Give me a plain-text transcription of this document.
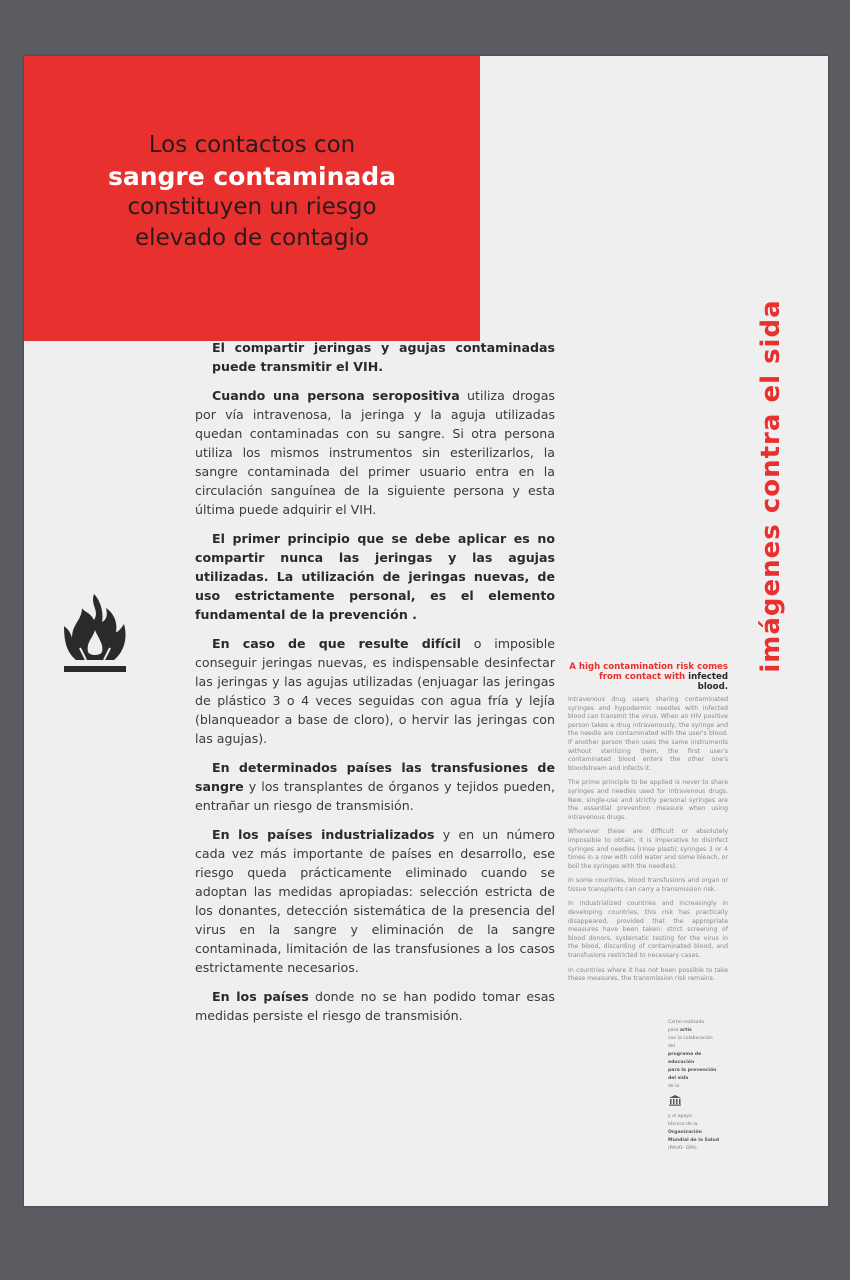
Los contactos con
sangre contaminada
constituyen un riesgo
elevado de contagio

El compartir jeringas y agujas contaminadas puede transmitir el VIH.

Cuando una persona seropositiva utiliza drogas por vía intravenosa, la jeringa y la aguja utilizadas quedan contaminadas con su sangre. Si otra persona utiliza los mismos instrumentos sin esterilizarlos, la sangre contaminada del primer usuario entra en la circulación sanguínea de la siguiente persona y esta última puede adquirir el VIH.

El primer principio que se debe aplicar es no compartir nunca las jeringas y las agujas utilizadas. La utilización de jeringas nuevas, de uso estrictamente personal, es el elemento fundamental de la prevención .

En caso de que resulte difícil o imposible conseguir jeringas nuevas, es indispensable desinfectar las jeringas y las agujas utilizadas (enjuagar las jeringas de plástico 3 o 4 veces seguidas con agua fría y lejía (blanqueador a base de cloro), o hervir las jeringas con las agujas).

En determinados países las transfusiones de sangre y los transplantes de órganos y tejidos pueden, entrañar un riesgo de transmisión.

En los países industrializados y en un número cada vez más importante de países en desarrollo, ese riesgo queda prácticamente eliminado cuando se adoptan las medidas apropiadas: selección estricta de los donantes, detección sistemática de la presencia del virus en la sangre y eliminación de la sangre contaminada, limitación de las transfusiones a los casos estrictamente necesarios.

En los países donde no se han podido tomar esas medidas persiste el riesgo de transmisión.

imágenes contra el sida
A high contamination risk comes from contact with infected blood.

Intravenous drug users sharing contaminated syringes and hypodermic needles with infected blood can transmit the virus. When an HIV positive person takes a drug intravenously, the syringe and the needle are contaminated with the user's blood. If another person then uses the same instruments without sterilizing them, the first user's contaminated blood enters the other one's bloodstream and infects it.

The prime principle to be applied is never to share syringes and needles used for intravenous drugs. New, single-use and strictly personal syringes are the essential prevention measure when using intravenous drugs.

Whenever these are difficult or absolutely impossible to obtain, it is imperative to disinfect syringes and needles (rinse plastic syringes 3 or 4 times in a row with cold water and some bleach, or boil the syringes with the needles).

In some countries, blood transfusions and organ or tissue transplants can carry a transmission risk.

In industrialized countries and increasingly in developing countries, this risk has practically disappeared, provided that the appropriate measures have been taken: strict screening of blood donors, systematic testing for the virus in the blood, discarding of contaminated blood, and transfusions restricted to necessary cases.

In countries where it has not been possible to take these measures, the transmission risk remains.

Cartel realizado
para artis
con la colaboración
del
programa de
educación
para la prevención
del sida
de la
y el apoyo
técnico de la
Organización
Mundial de la Salud
(PAHO- GPA)
